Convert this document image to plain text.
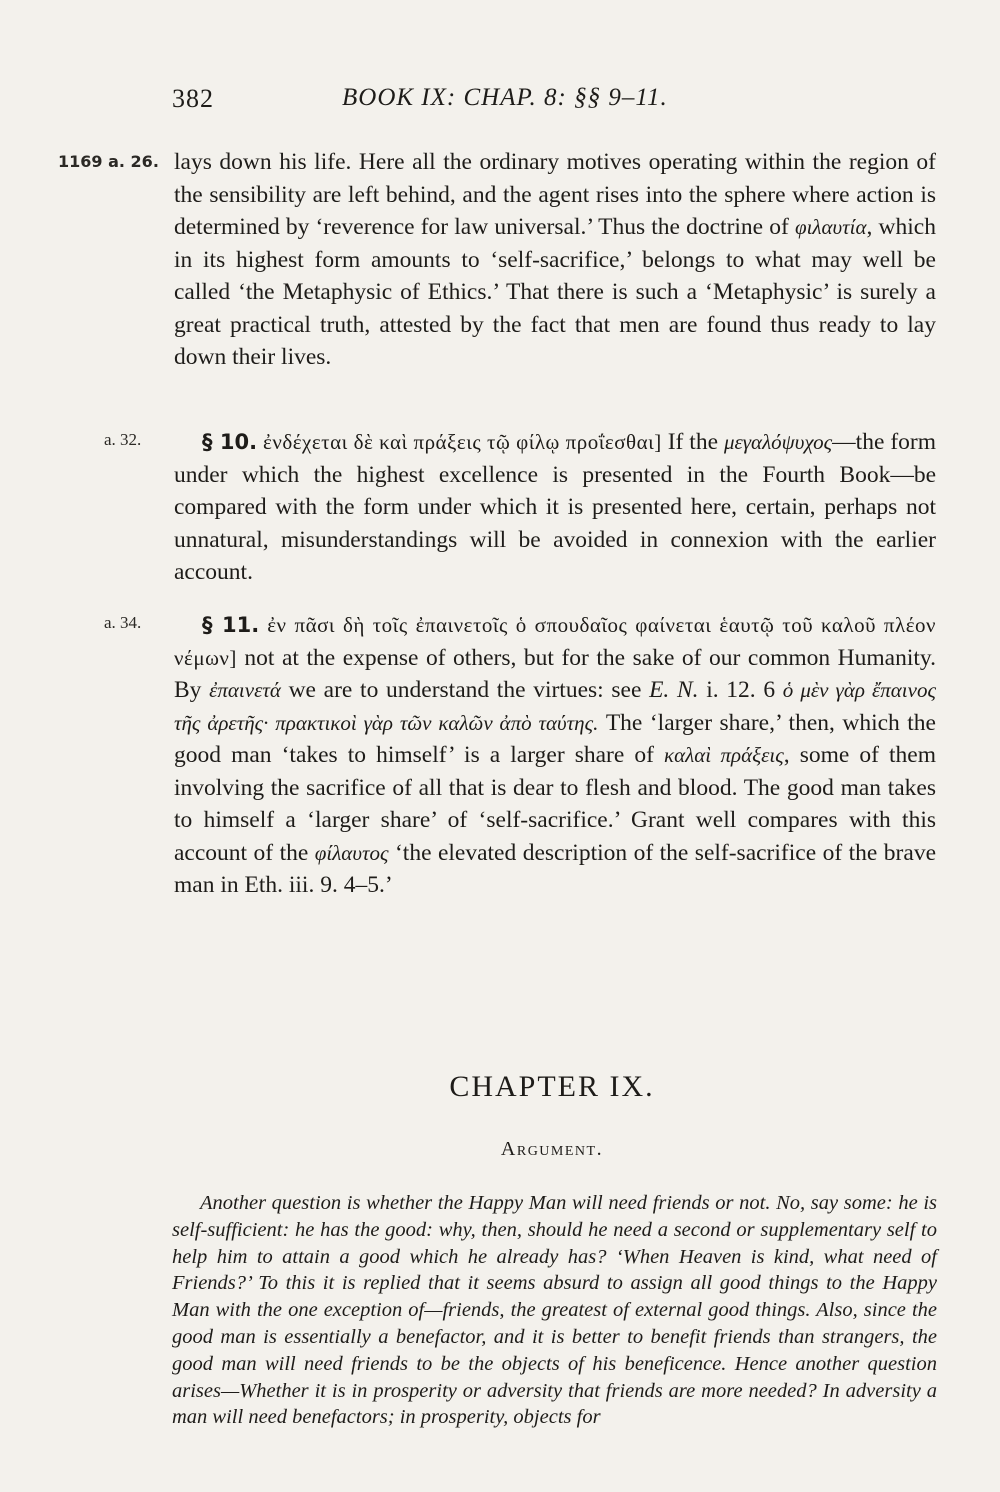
382	BOOK IX: CHAP. 8: §§ 9–11.
1169 a. 26. lays down his life. Here all the ordinary motives operating within the region of the sensibility are left behind, and the agent rises into the sphere where action is determined by ‘reverence for law universal.’ Thus the doctrine of φιλαυτία, which in its highest form amounts to ‘self-sacrifice,’ belongs to what may well be called ‘the Metaphysic of Ethics.’ That there is such a ‘Metaphysic’ is surely a great practical truth, attested by the fact that men are found thus ready to lay down their lives.

a. 32.	§ 10. ἐνδέχεται δὲ καὶ πράξεις τῷ φίλῳ προΐεσθαι] If the μεγαλόψυχος—the form under which the highest excellence is presented in the Fourth Book—be compared with the form under which it is presented here, certain, perhaps not unnatural, misunderstandings will be avoided in connexion with the earlier account.

a. 34.	§ 11. ἐν πᾶσι δὴ τοῖς ἐπαινετοῖς ὁ σπουδαῖος φαίνεται ἑαυτῷ τοῦ καλοῦ πλέον νέμων] not at the expense of others, but for the sake of our common Humanity. By ἐπαινετά we are to understand the virtues: see E. N. i. 12. 6 ὁ μὲν γὰρ ἔπαινος τῆς ἀρετῆς· πρακτικοὶ γὰρ τῶν καλῶν ἀπὸ ταύτης. The ‘larger share,’ then, which the good man ‘takes to himself’ is a larger share of καλαὶ πράξεις, some of them involving the sacrifice of all that is dear to flesh and blood. The good man takes to himself a ‘larger share’ of ‘self-sacrifice.’ Grant well compares with this account of the φίλαυτος ‘the elevated description of the self-sacrifice of the brave man in Eth. iii. 9. 4–5.’

CHAPTER IX.
Argument.

Another question is whether the Happy Man will need friends or not. No, say some: he is self-sufficient: he has the good: why, then, should he need a second or supplementary self to help him to attain a good which he already has? ‘When Heaven is kind, what need of Friends?’ To this it is replied that it seems absurd to assign all good things to the Happy Man with the one exception of—friends, the greatest of external good things. Also, since the good man is essentially a benefactor, and it is better to benefit friends than strangers, the good man will need friends to be the objects of his beneficence. Hence another question arises—Whether it is in prosperity or adversity that friends are more needed? In adversity a man will need benefactors; in prosperity, objects for
